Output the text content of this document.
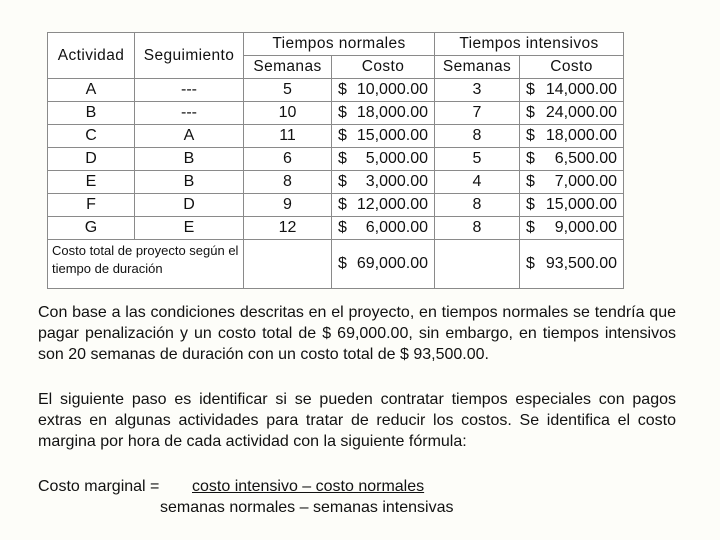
Actividad	Seguimiento	Tiempos normales		Tiempos intensivos	
		Semanas	Costo	Semanas	Costo
A	---	5	$ 10,000.00	3	$ 14,000.00

B	---	10	$ 18,000.00	7	$ 24,000.00

C	A	11	$ 15,000.00	8	$ 18,000.00

D	B	6	$ 5,000.00	5	$ 6,500.00

E	B	8	$ 3,000.00	4	$ 7,000.00

F	D	9	$ 12,000.00	8	$ 15,000.00

G	E	12	$ 6,000.00	8	$ 9,000.00

Costo total de proyecto según el tiempo de duración			$ 69,000.00		$ 93,500.00
Con base a las condiciones descritas en el proyecto, en tiempos normales se tendría que pagar penalización y un costo total de $ 69,000.00, sin embargo, en tiempos intensivos son 20 semanas de duración con un costo total de $ 93,500.00.
El siguiente paso es identificar si se pueden contratar tiempos especiales con pagos extras en algunas actividades para tratar de reducir los costos. Se identifica el costo margina por hora de cada actividad con la siguiente fórmula:
Costo marginal = costo intensivo – costo normales
semanas normales – semanas intensivas
